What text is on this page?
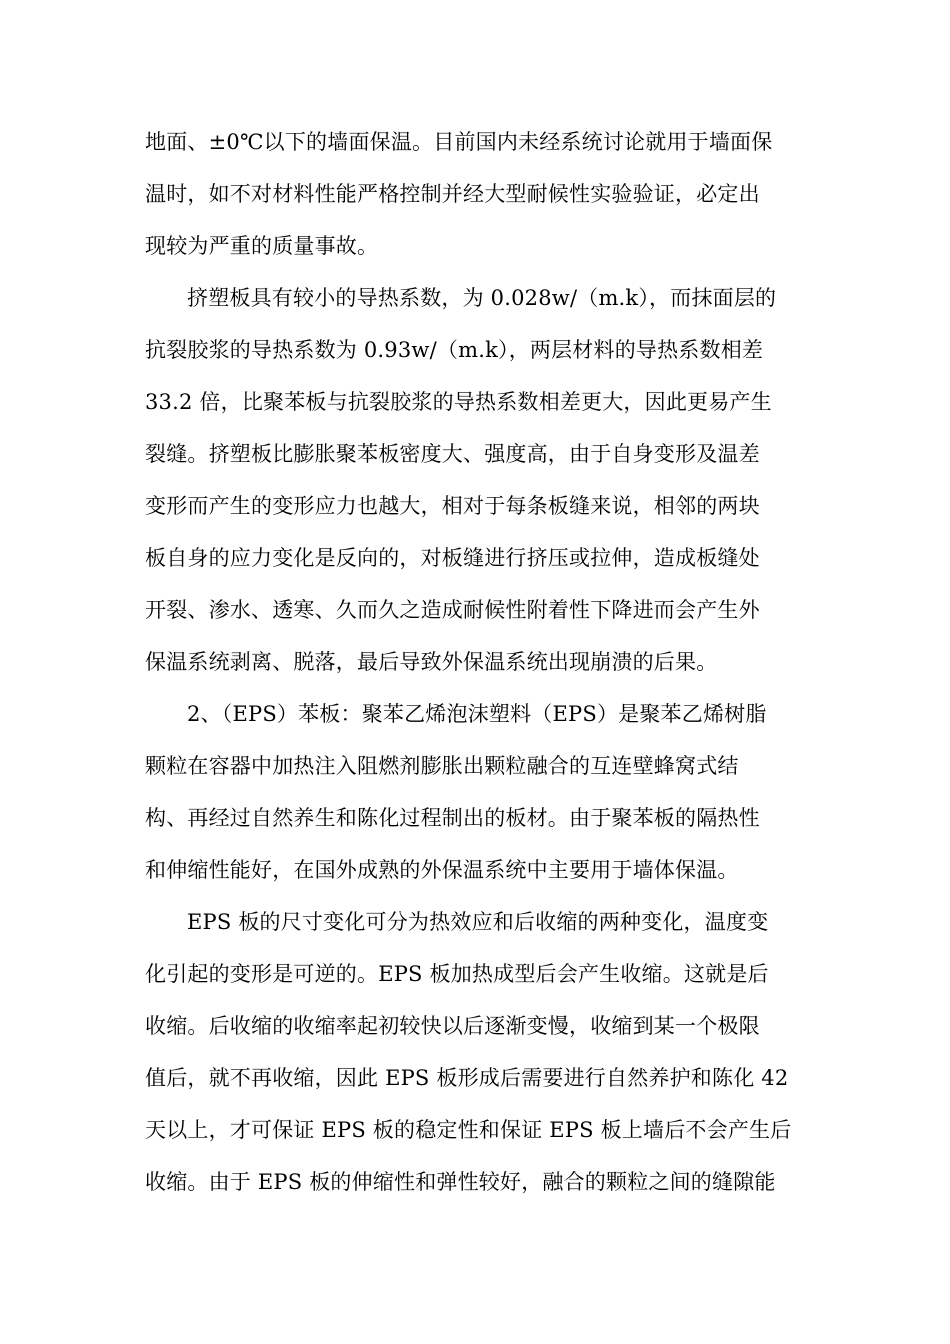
地面、±0℃以下的墙面保温。目前国内未经系统讨论就用于墙面保
温时，如不对材料性能严格控制并经大型耐候性实验验证，必定出
现较为严重的质量事故。
挤塑板具有较小的导热系数，为 0.028w/（m.k），而抹面层的
抗裂胶浆的导热系数为 0.93w/（m.k），两层材料的导热系数相差
33.2 倍，比聚苯板与抗裂胶浆的导热系数相差更大，因此更易产生
裂缝。挤塑板比膨胀聚苯板密度大、强度高，由于自身变形及温差
变形而产生的变形应力也越大，相对于每条板缝来说，相邻的两块
板自身的应力变化是反向的，对板缝进行挤压或拉伸，造成板缝处
开裂、渗水、透寒、久而久之造成耐候性附着性下降进而会产生外
保温系统剥离、脱落，最后导致外保温系统出现崩溃的后果。
2、（EPS）苯板：聚苯乙烯泡沫塑料（EPS）是聚苯乙烯树脂
颗粒在容器中加热注入阻燃剂膨胀出颗粒融合的互连壁蜂窝式结
构、再经过自然养生和陈化过程制出的板材。由于聚苯板的隔热性
和伸缩性能好，在国外成熟的外保温系统中主要用于墙体保温。
EPS 板的尺寸变化可分为热效应和后收缩的两种变化，温度变
化引起的变形是可逆的。EPS 板加热成型后会产生收缩。这就是后
收缩。后收缩的收缩率起初较快以后逐渐变慢，收缩到某一个极限
值后，就不再收缩，因此 EPS 板形成后需要进行自然养护和陈化 42
天以上，才可保证 EPS 板的稳定性和保证 EPS 板上墙后不会产生后
收缩。由于 EPS 板的伸缩性和弹性较好，融合的颗粒之间的缝隙能
